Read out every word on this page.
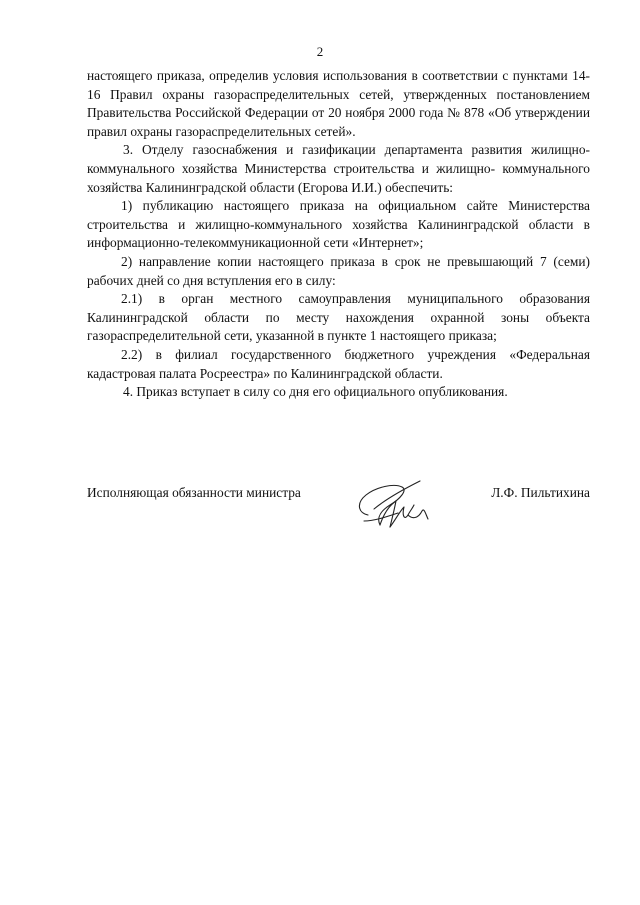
2

настоящего приказа, определив условия использования в соответствии с пунктами 14-16 Правил охраны газораспределительных сетей, утвержденных постановлением Правительства Российской Федерации от 20 ноября 2000 года № 878 «Об утверждении правил охраны газораспределительных сетей».

3. Отделу газоснабжения и газификации департамента развития жилищно-коммунального хозяйства Министерства строительства и жилищно- коммунального хозяйства Калининградской области (Егорова И.И.) обеспечить:

1) публикацию настоящего приказа на официальном сайте Министерства строительства и жилищно-коммунального хозяйства Калининградской области в информационно-телекоммуникационной сети «Интернет»;

2) направление копии настоящего приказа в срок не превышающий 7 (семи) рабочих дней со дня вступления его в силу:

2.1) в орган местного самоуправления муниципального образования Калининградской области по месту нахождения охранной зоны объекта газораспределительной сети, указанной в пункте 1 настоящего приказа;

2.2) в филиал государственного бюджетного учреждения «Федеральная кадастровая палата Росреестра» по Калининградской области.

4. Приказ вступает в силу со дня его официального опубликования.

Исполняющая обязанности министра	Л.Ф. Пильтихина
